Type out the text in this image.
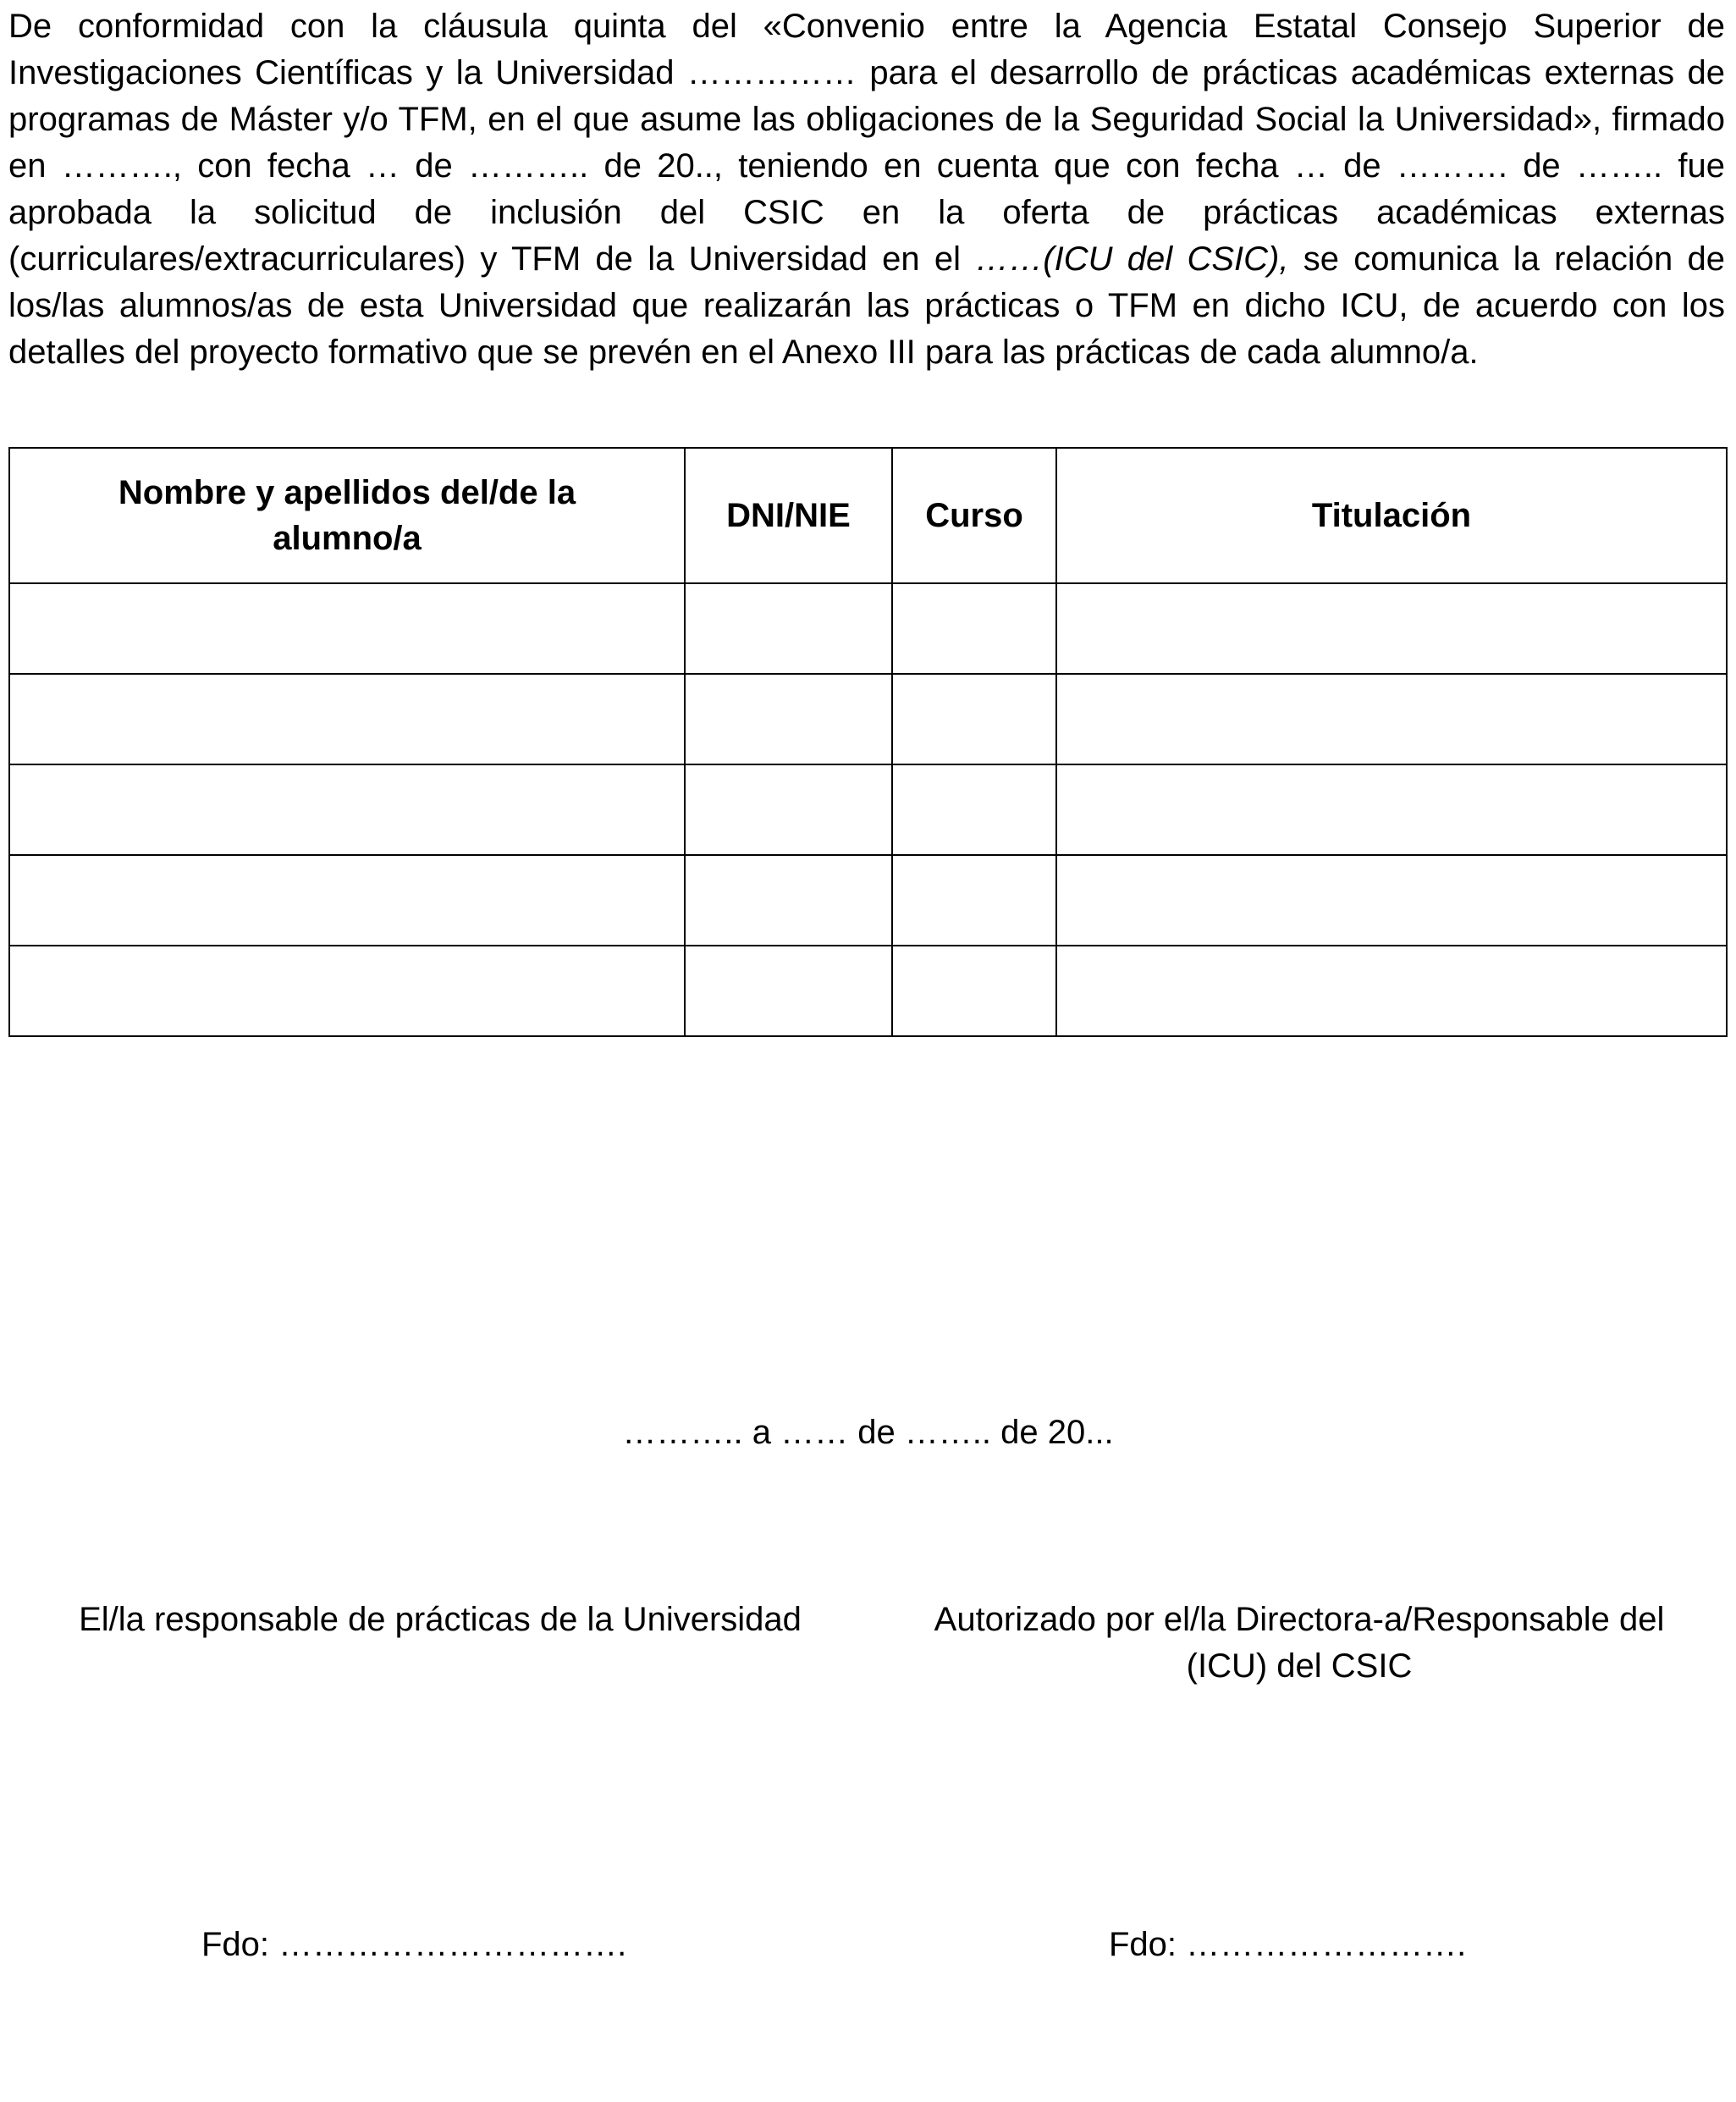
De conformidad con la cláusula quinta del «Convenio entre la Agencia Estatal Consejo Superior de Investigaciones Científicas y la Universidad …………… para el desarrollo de prácticas académicas externas de programas de Máster y/o TFM, en el que asume las obligaciones de la Seguridad Social la Universidad», firmado en ………., con fecha … de ……….. de 20.., teniendo en cuenta que con fecha … de ………. de …….. fue aprobada la solicitud de inclusión del CSIC en la oferta de prácticas académicas externas (curriculares/extracurriculares) y TFM de la Universidad en el ……(ICU del CSIC), se comunica la relación de los/las alumnos/as de esta Universidad que realizarán las prácticas o TFM en dicho ICU, de acuerdo con los detalles del proyecto formativo que se prevén en el Anexo III para las prácticas de cada alumno/a.

Nombre y apellidos del/de la alumno/a	DNI/NIE	Curso	Titulación

……….. a …… de …….. de 20...
El/la responsable de prácticas de la Universidad	Autorizado por el/la Directora-a/Responsable del (ICU) del CSIC
Fdo: ………………………….	Fdo: …………………….
